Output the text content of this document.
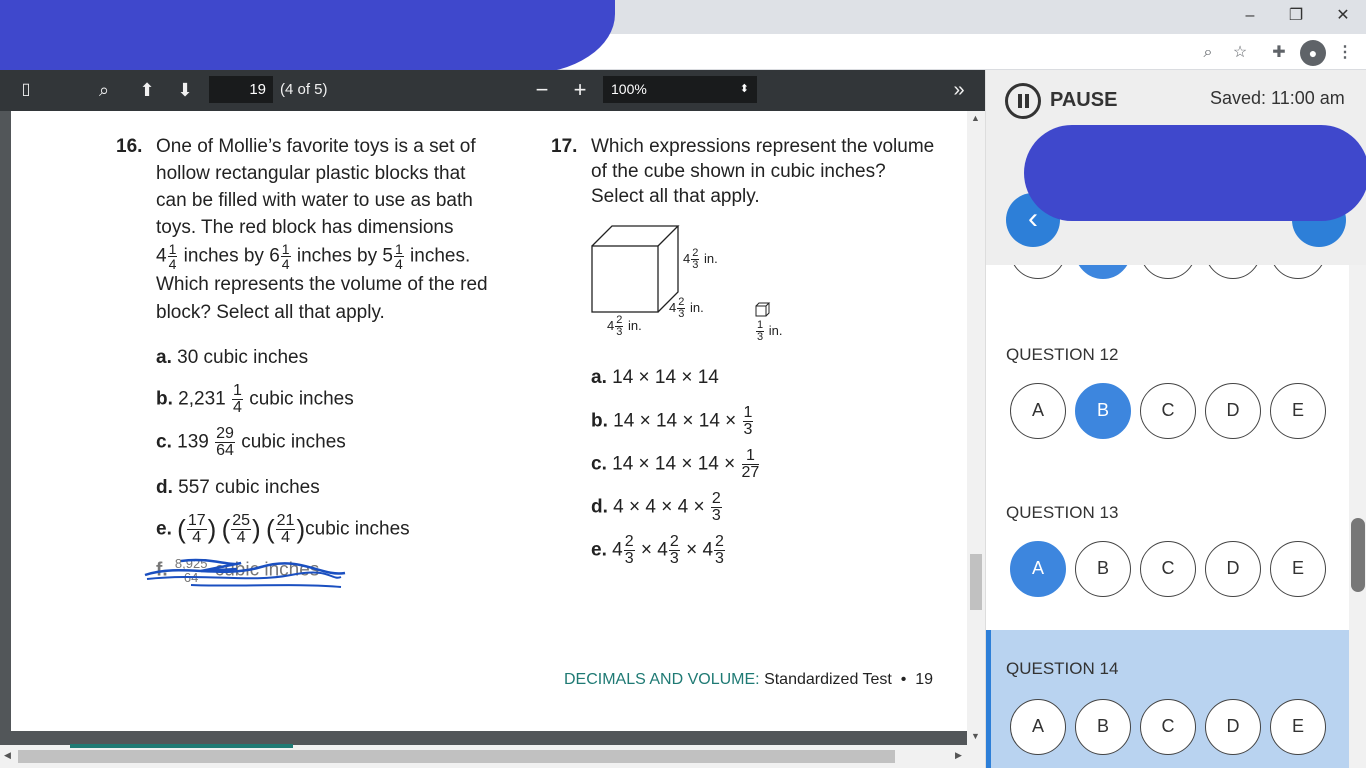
–	❐	✕
⌕	☆ ✚	●	⋮
▯	⌕	⬆ ⬇	19 (4 of 5)	− +	100%	⬍	»
16. One of Mollie’s favorite toys is a set of
hollow rectangular plastic blocks that
can be filled with water to use as bath
toys. The red block has dimensions
$4 \frac{1}{4}$ inches by $6 \frac{1}{4}$ inches by $5 \frac{1}{4}$ inches.
Which represents the volume of the red
block? Select all that apply.
a. 30 cubic inches
b. $2,231 \frac{1}{4}$ cubic inches
c. $139 \frac{29}{64}$ cubic inches
d. 557 cubic inches
e. ( $\frac{17}{4}$ ) ( $\frac{25}{4}$ ) ( $\frac{21}{4}$ )cubic inches
f. $\frac{8,925}{64}$ cubic inches
17. Which expressions represent the volume
of the cube shown in cubic inches?
Select all that apply.
$4 \frac{2}{3}$ in.
$4 \frac{2}{3}$ in.
$4 \frac{2}{3}$ in.	$\frac{1}{3}$ in.
a. 14 × 14 × 14
b. $14 \times 14 \times 14 \times \frac{1}{3}$
c. $14 \times 14 \times 14 \times \frac{1}{27}$
d. $4 \times 4 \times 4 \times \frac{2}{3}$
e. $4 \frac{2}{3} \times 4 \frac{2}{3} \times 4 \frac{2}{3}$
DECIMALS AND VOLUME: Standardized Test • 19
▲
▼
◀	▶
PAUSE	Saved: 11:00 am
‹
QUESTION 12
A	B	C	D	E
QUESTION 13
A	B	C	D	E
QUESTION 14
A	B	C	D	E
